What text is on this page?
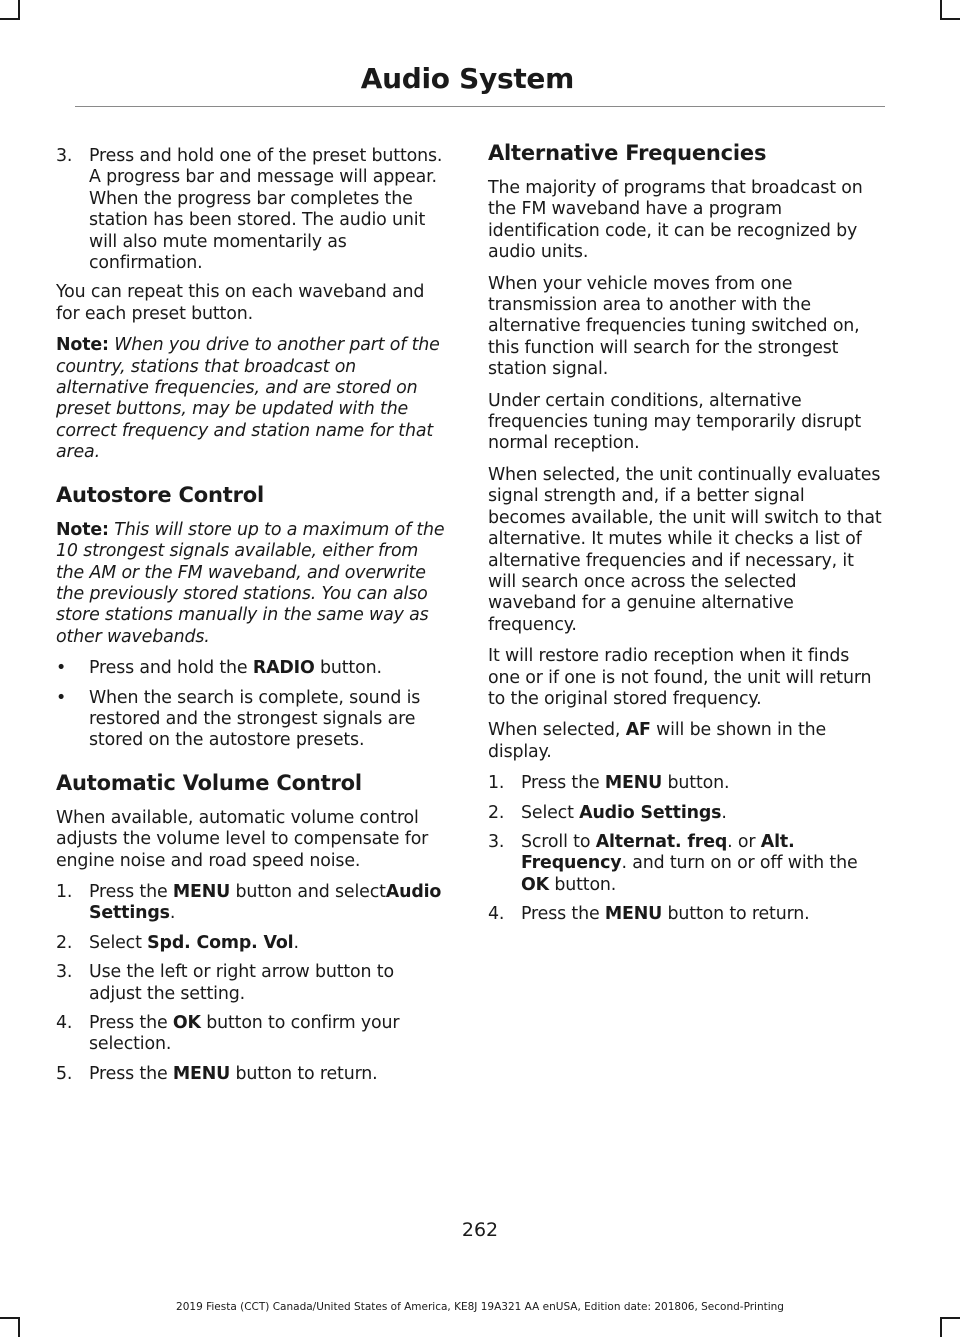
Audio System
3. Press and hold one of the preset buttons. A progress bar and message will appear. When the progress bar completes the station has been stored. The audio unit will also mute momentarily as confirmation.

You can repeat this on each waveband and for each preset button.

Note: When you drive to another part of the country, stations that broadcast on alternative frequencies, and are stored on preset buttons, may be updated with the correct frequency and station name for that area.

Autostore Control

Note: This will store up to a maximum of the 10 strongest signals available, either from the AM or the FM waveband, and overwrite the previously stored stations. You can also store stations manually in the same way as other wavebands.

•	Press and hold the RADIO button.
•	When the search is complete, sound is restored and the strongest signals are stored on the autostore presets.
Automatic Volume Control

When available, automatic volume control adjusts the volume level to compensate for engine noise and road speed noise.

1. Press the MENU button and selectAudio Settings.
2. Select Spd. Comp. Vol.
3. Use the left or right arrow button to adjust the setting.
4. Press the OK button to confirm your selection.
5. Press the MENU button to return.
Alternative Frequencies

The majority of programs that broadcast on the FM waveband have a program identification code, it can be recognized by audio units.

When your vehicle moves from one transmission area to another with the alternative frequencies tuning switched on, this function will search for the strongest station signal.

Under certain conditions, alternative frequencies tuning may temporarily disrupt normal reception.

When selected, the unit continually evaluates signal strength and, if a better signal becomes available, the unit will switch to that alternative. It mutes while it checks a list of alternative frequencies and if necessary, it will search once across the selected waveband for a genuine alternative frequency.

It will restore radio reception when it finds one or if one is not found, the unit will return to the original stored frequency.

When selected, AF will be shown in the display.

1. Press the MENU button.
2. Select Audio Settings.
3. Scroll to Alternat. freq. or Alt. Frequency. and turn on or off with the OK button.
4. Press the MENU button to return.
262
2019 Fiesta (CCT) Canada/United States of America, KE8J 19A321 AA enUSA, Edition date: 201806, Second-Printing
